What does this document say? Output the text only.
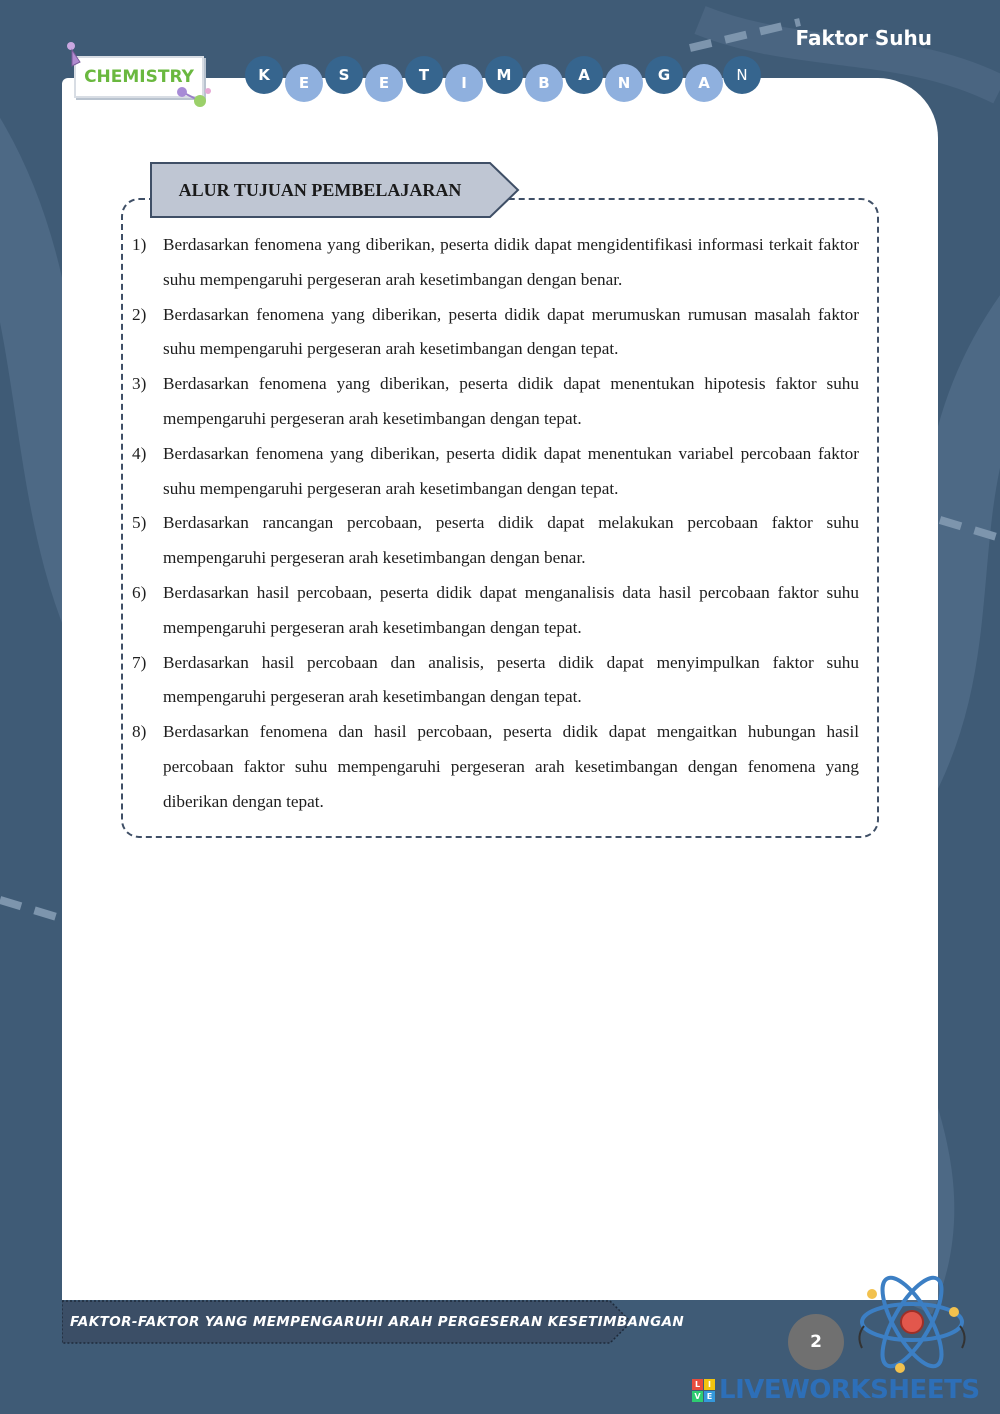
Faktor Suhu
CHEMISTRY	K E S E T I M B A N G A N
ALUR TUJUAN PEMBELAJARAN
1) Berdasarkan fenomena yang diberikan, peserta didik dapat mengidentifikasi informasi terkait faktor suhu mempengaruhi pergeseran arah kesetimbangan dengan benar.
2) Berdasarkan fenomena yang diberikan, peserta didik dapat merumuskan rumusan masalah faktor suhu mempengaruhi pergeseran arah kesetimbangan dengan tepat.
3) Berdasarkan fenomena yang diberikan, peserta didik dapat menentukan hipotesis faktor suhu mempengaruhi pergeseran arah kesetimbangan dengan tepat.
4) Berdasarkan fenomena yang diberikan, peserta didik dapat menentukan variabel percobaan faktor suhu mempengaruhi pergeseran arah kesetimbangan dengan tepat.
5) Berdasarkan rancangan percobaan, peserta didik dapat melakukan percobaan faktor suhu mempengaruhi pergeseran arah kesetimbangan dengan benar.
6) Berdasarkan hasil percobaan, peserta didik dapat menganalisis data hasil percobaan faktor suhu mempengaruhi pergeseran arah kesetimbangan dengan tepat.
7) Berdasarkan hasil percobaan dan analisis, peserta didik dapat menyimpulkan faktor suhu mempengaruhi pergeseran arah kesetimbangan dengan tepat.
8) Berdasarkan fenomena dan hasil percobaan, peserta didik dapat mengaitkan hubungan hasil percobaan faktor suhu mempengaruhi pergeseran arah kesetimbangan dengan fenomena yang diberikan dengan tepat.
FAKTOR-FAKTOR YANG MEMPENGARUHI ARAH PERGESERAN KESETIMBANGAN
2
L I
V E LIVEWORKSHEETS
